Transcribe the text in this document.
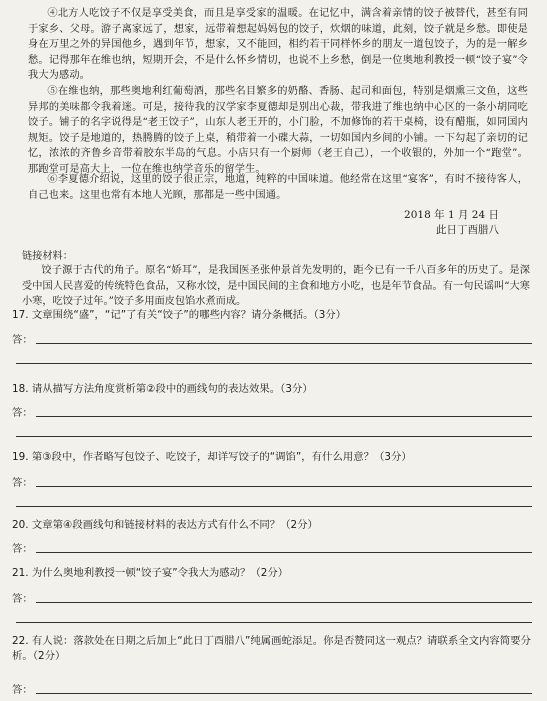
④北方人吃饺子不仅是享受美食，而且是享受家的温暖。在记忆中，满含着亲情的饺子被替代，甚至有同于家乡、父母。游子离家远了，想家，远带着想起妈妈包的饺子，炊烟的味道，此刻，饺子就是乡愁。即使是身在万里之外的异国他乡，遇到年节，想家，又不能回，相约若干同样怀乡的朋友一道包饺子，为的是一解乡愁。记得那年在维也纳，短期开会，不是什么怀乡情切，也说不上乡愁，倒是一位奥地利教授一顿“饺子宴”令我大为感动。
⑤在维也纳，那些奥地利红葡萄酒，那些名目繁多的奶酪、香肠、起司和面包，特别是烟熏三文鱼，这些异邦的美味都令我着迷。可是，接待我的汉学家李夏德却是别出心裁，带我进了维也纳中心区的一条小胡同吃饺子。铺子的名字说得是“老王饺子”，山东人老王开的，小门脸，不加修饰的若干桌椅，设有醋瓶，如同国内规矩。饺子是地道的，热腾腾的饺子上桌，稍带着一小碟大蒜，一切如国内乡间的小铺。一下勾起了亲切的记忆，浓浓的齐鲁乡音带着胶东半岛的气息。小店只有一个厨师（老王自己），一个收银的，外加一个“跑堂”。那跑堂可是高大上，一位在维也纳学音乐的留学生。
⑥李夏德介绍说，这里的饺子很正宗，地道，纯粹的中国味道。他经常在这里“宴客”，有时不接待客人，自己也来。这里也常有本地人光顾，那都是一些中国通。
2018 年 1 月 24 日
此日丁酉腊八
链接材料：
饺子源于古代的角子。原名“娇耳”，是我国医圣张仲景首先发明的，距今已有一千八百多年的历史了。是深受中国人民喜爱的传统特色食品，又称水饺，是中国民间的主食和地方小吃，也是年节食品。有一句民谣叫“大寒小寒，吃饺子过年。”饺子多用面皮包馅水煮而成。
17. 文章围绕“盛”，“记”了有关“饺子”的哪些内容？请分条概括。（3分）
答：
18. 请从描写方法角度赏析第②段中的画线句的表达效果。（3分）
答：
19. 第③段中，作者略写包饺子、吃饺子，却详写饺子的“调馅”，有什么用意？（3分）
答：
20. 文章第④段画线句和链接材料的表达方式有什么不同？（2分）
答：
21. 为什么奥地利教授一顿“饺子宴”令我大为感动？（2分）
答：
22. 有人说：落款处在日期之后加上“此日丁酉腊八”纯属画蛇添足。你是否赞同这一观点？请联系全文内容简要分析。（2分）
答：
